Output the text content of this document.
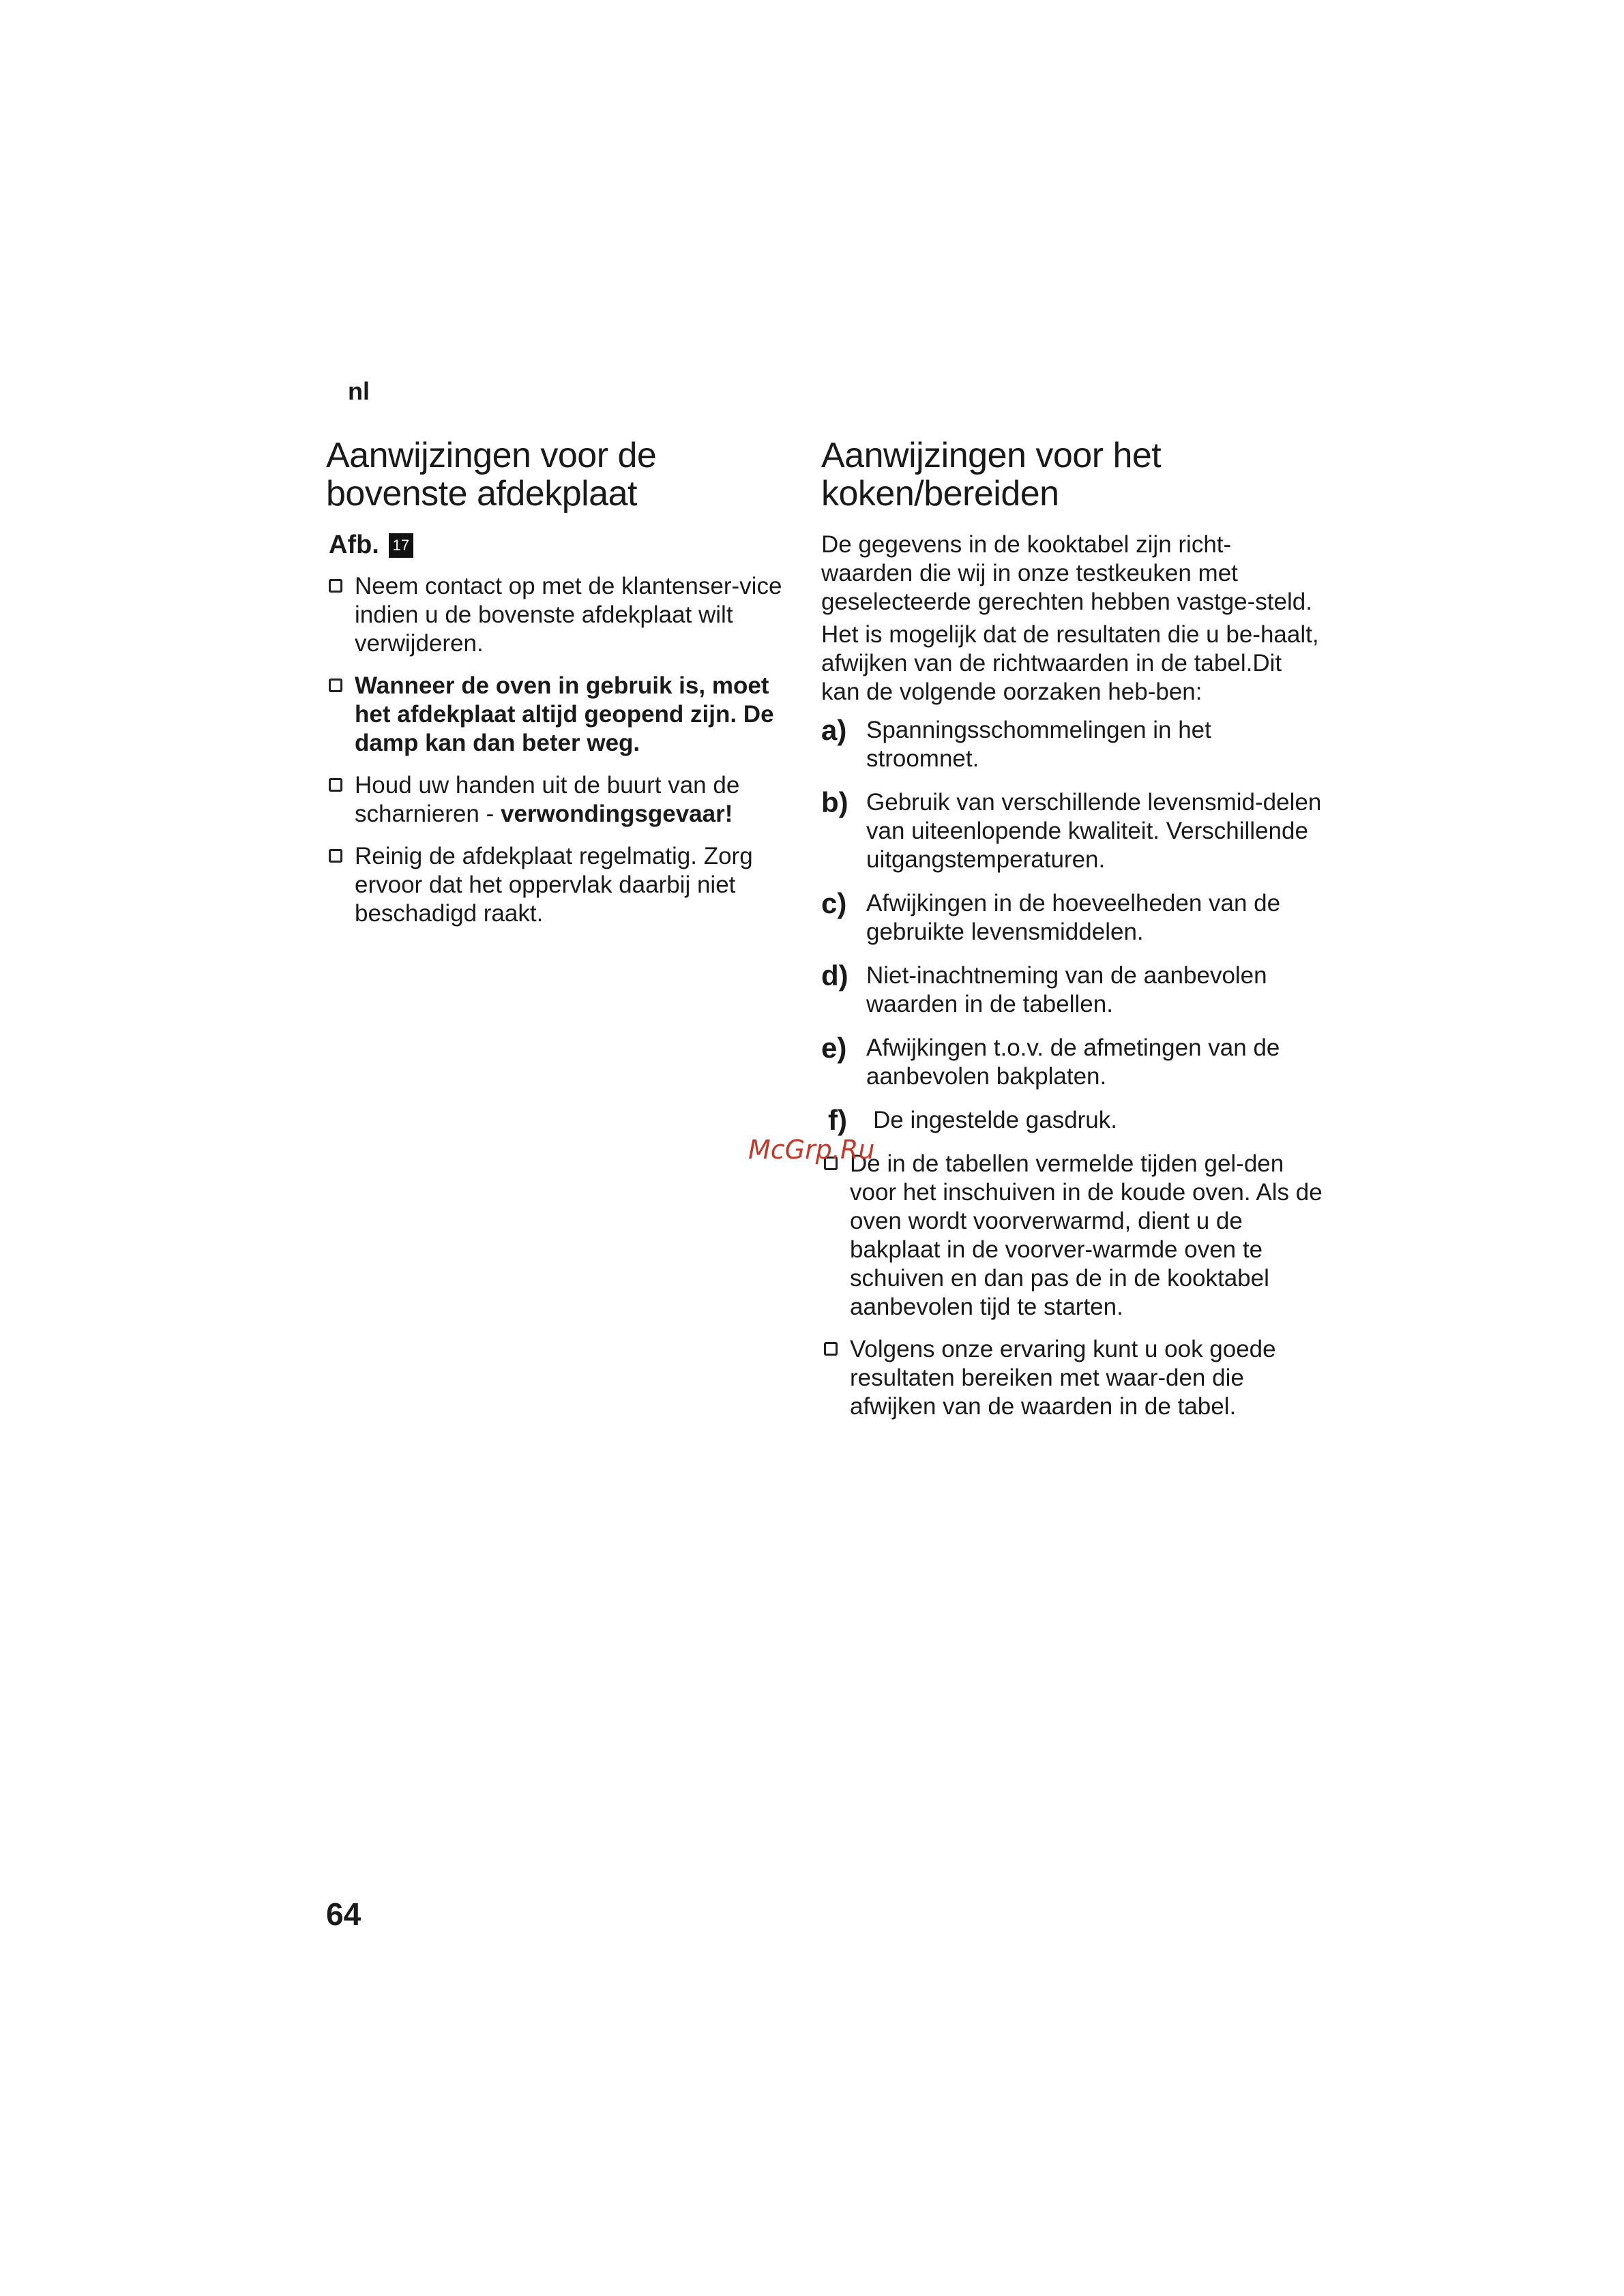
nl

Aanwijzingen voor de bovenste afdekplaat
Afb. 17
Neem contact op met de klantenser-vice indien u de bovenste afdekplaat wilt verwijderen.
Wanneer de oven in gebruik is, moet het afdekplaat altijd geopend zijn. De damp kan dan beter weg.
Houd uw handen uit de buurt van de scharnieren - verwondingsgevaar!
Reinig de afdekplaat regelmatig. Zorg ervoor dat het oppervlak daarbij niet beschadigd raakt.
Aanwijzingen voor het koken/bereiden

De gegevens in de kooktabel zijn richt-waarden die wij in onze testkeuken met geselecteerde gerechten hebben vastge-steld.

Het is mogelijk dat de resultaten die u be-haalt, afwijken van de richtwaarden in de tabel.Dit kan de volgende oorzaken heb-ben:

a) Spanningsschommelingen in het stroomnet.
b) Gebruik van verschillende levensmid-delen van uiteenlopende kwaliteit. Verschillende uitgangstemperaturen.
c) Afwijkingen in de hoeveelheden van de gebruikte levensmiddelen.
d) Niet-inachtneming van de aanbevolen waarden in de tabellen.
e) Afwijkingen t.o.v. de afmetingen van de aanbevolen bakplaten.
f)	De ingestelde gasdruk.
De in de tabellen vermelde tijden gel-den voor het inschuiven in de koude oven. Als de oven wordt voorverwarmd, dient u de bakplaat in de voorver-warmde oven te schuiven en dan pas de in de kooktabel aanbevolen tijd te starten.
Volgens onze ervaring kunt u ook goede resultaten bereiken met waar-den die afwijken van de waarden in de tabel.

McGrp.Ru

64
